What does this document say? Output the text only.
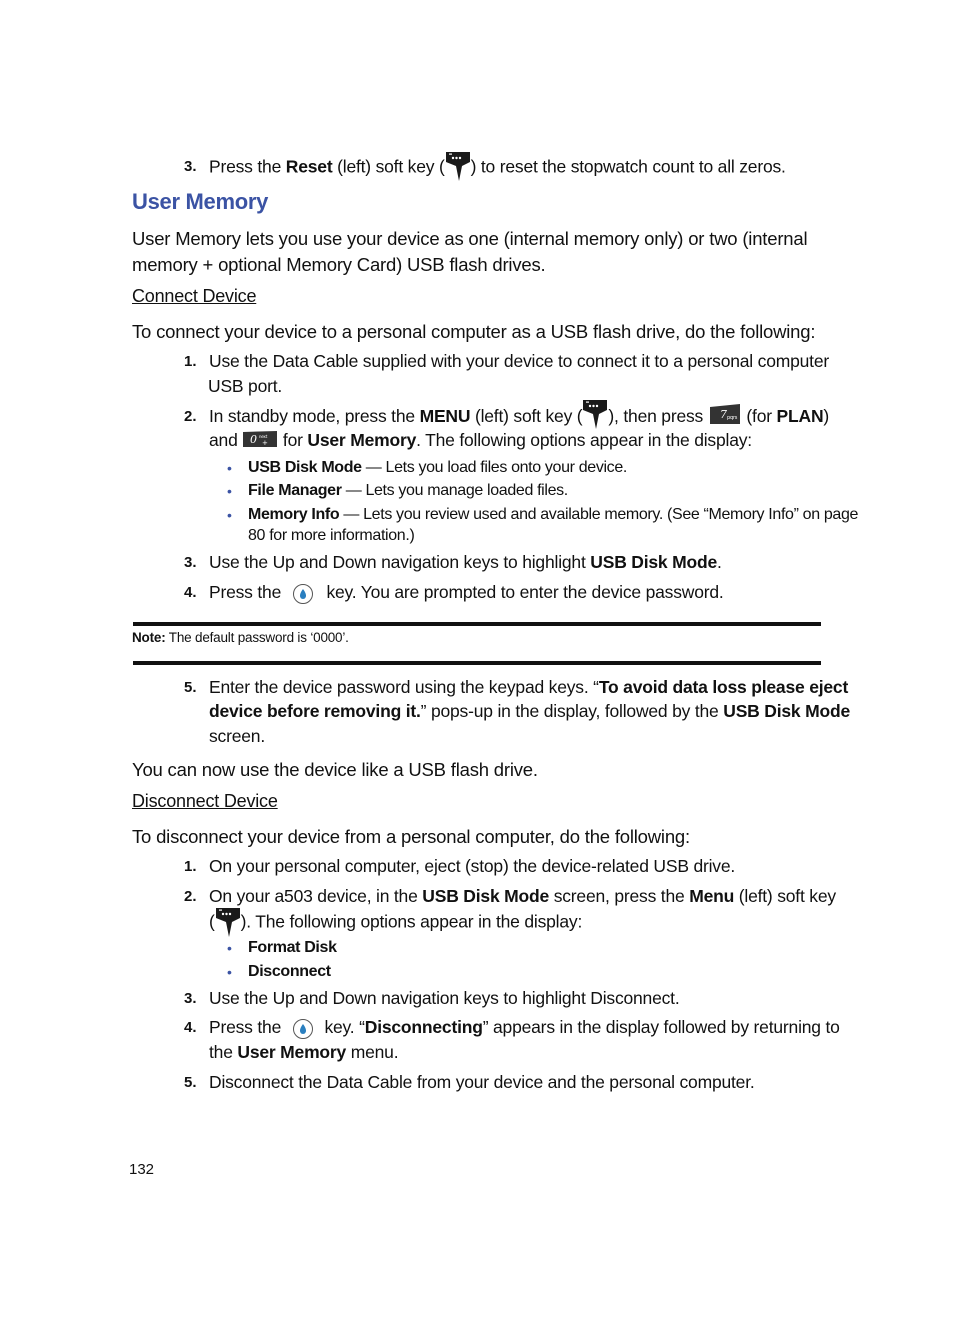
3. Press the Reset (left) soft key ( ) to reset the stopwatch count to all zeros.
User Memory
User Memory lets you use your device as one (internal memory only) or two (internal
memory + optional Memory Card) USB flash drives.
Connect Device
To connect your device to a personal computer as a USB flash drive, do the following:
1. Use the Data Cable supplied with your device to connect it to a personal computer
USB port.
2. In standby mode, press the MENU (left) soft key ( ), then press 7 pqrs (for PLAN)
and 0 next
+ for User Memory. The following options appear in the display:
• USB Disk Mode — Lets you load files onto your device.
• File Manager — Lets you manage loaded files.
• Memory Info — Lets you review used and available memory. (See “Memory Info” on page
80 for more information.)
3. Use the Up and Down navigation keys to highlight USB Disk Mode.
4. Press the  key. You are prompted to enter the device password.
Note: The default password is ‘0000’.
5. Enter the device password using the keypad keys. “To avoid data loss please eject
device before removing it.” pops-up in the display, followed by the USB Disk Mode
screen.
You can now use the device like a USB flash drive.
Disconnect Device
To disconnect your device from a personal computer, do the following:
1. On your personal computer, eject (stop) the device-related USB drive.
2. On your a503 device, in the USB Disk Mode screen, press the Menu (left) soft key
( ). The following options appear in the display:
• Format Disk
• Disconnect
3. Use the Up and Down navigation keys to highlight Disconnect.
4. Press the  key. “Disconnecting” appears in the display followed by returning to
the User Memory menu.
5. Disconnect the Data Cable from your device and the personal computer.
132
